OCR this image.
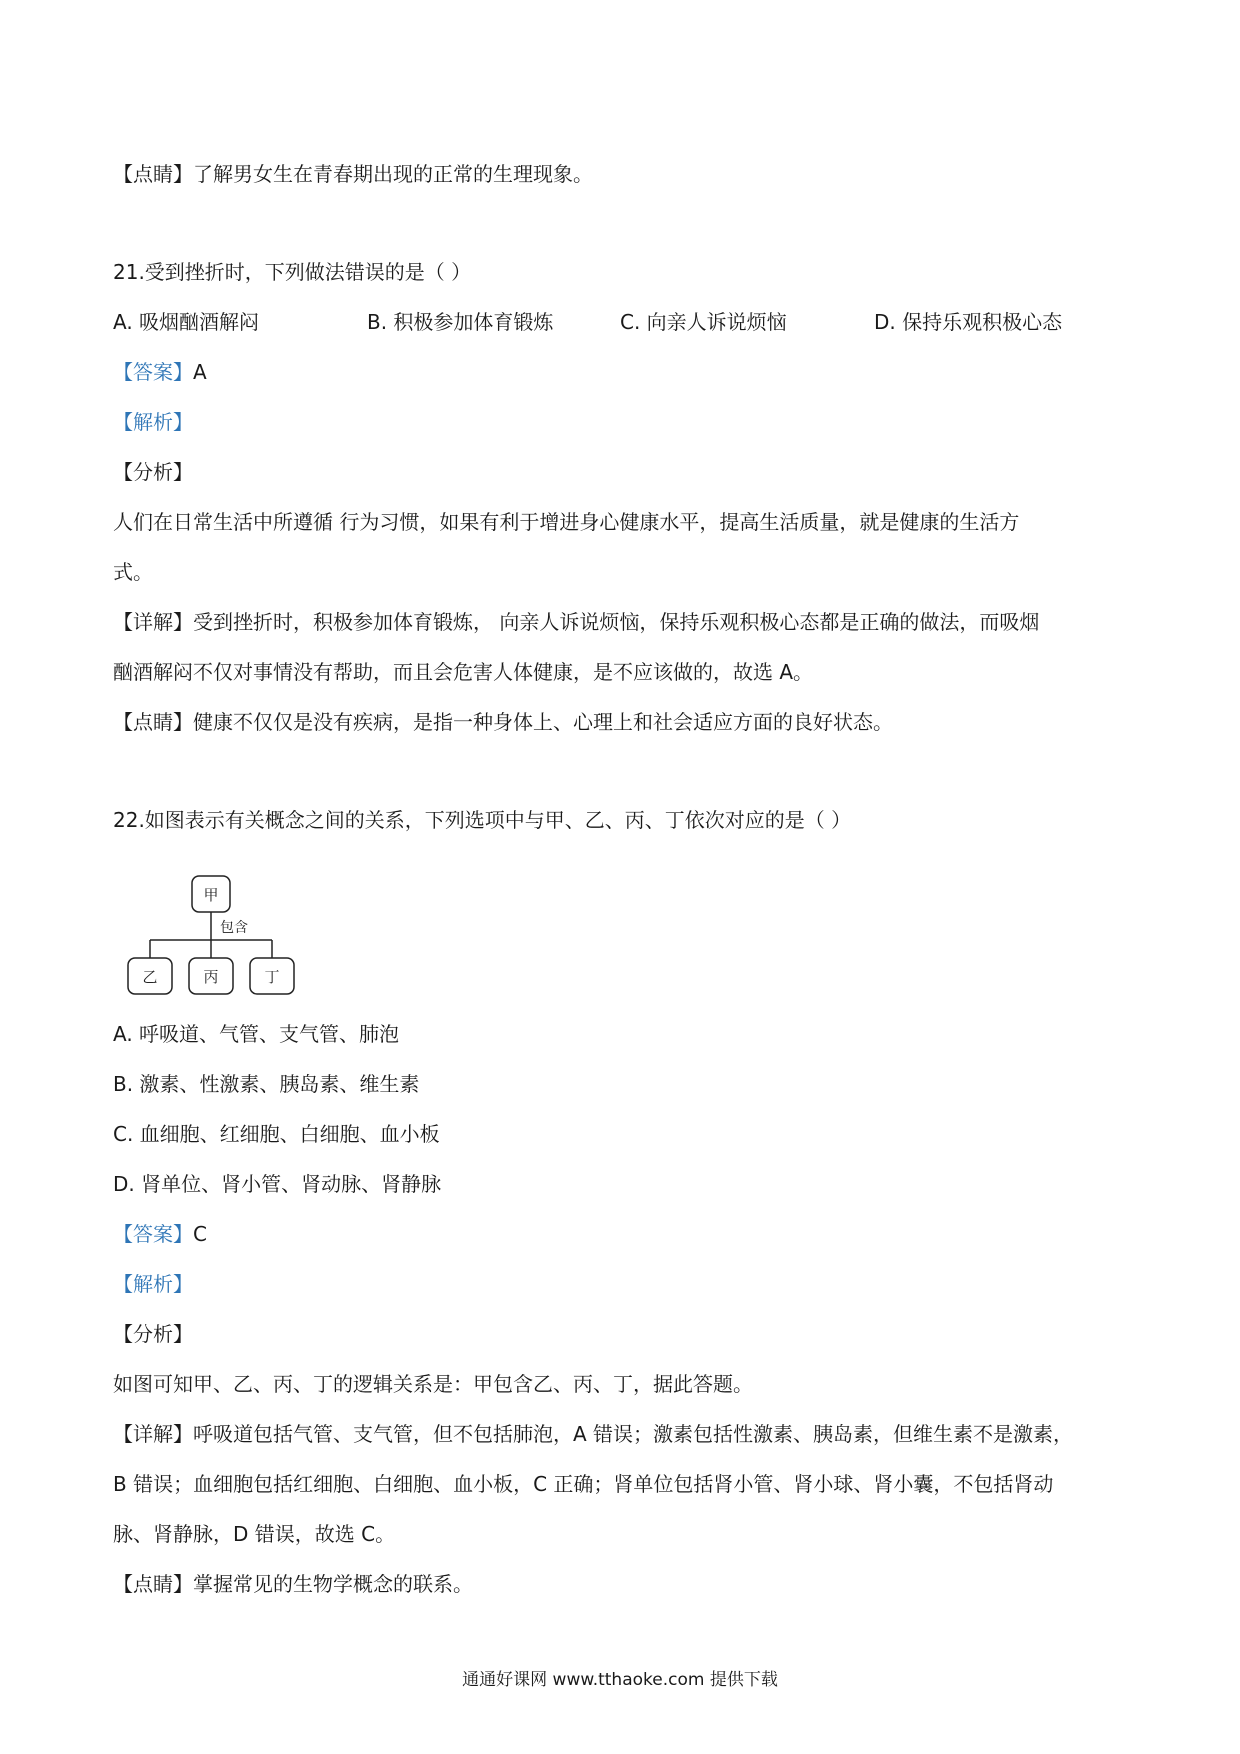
【点睛】了解男女生在青春期出现的正常的生理现象。

21.受到挫折时，下列做法错误的是（ ）

A. 吸烟酗酒解闷	B. 积极参加体育锻炼	C. 向亲人诉说烦恼	D. 保持乐观积极心态

【答案】A

【解析】

【分析】

人们在日常生活中所遵循 行为习惯，如果有利于增进身心健康水平，提高生活质量，就是健康的生活方

式。

【详解】受到挫折时，积极参加体育锻炼， 向亲人诉说烦恼，保持乐观积极心态都是正确的做法，而吸烟

酗酒解闷不仅对事情没有帮助，而且会危害人体健康，是不应该做的，故选 A。

【点睛】健康不仅仅是没有疾病，是指一种身体上、心理上和社会适应方面的良好状态。

22.如图表示有关概念之间的关系，下列选项中与甲、乙、丙、丁依次对应的是（ ）

甲
包含
乙	丙	丁

A. 呼吸道、气管、支气管、肺泡

B. 激素、性激素、胰岛素、维生素

C. 血细胞、红细胞、白细胞、血小板

D. 肾单位、肾小管、肾动脉、肾静脉

【答案】C

【解析】

【分析】

如图可知甲、乙、丙、丁的逻辑关系是：甲包含乙、丙、丁，据此答题。

【详解】呼吸道包括气管、支气管，但不包括肺泡，A 错误；激素包括性激素、胰岛素，但维生素不是激素，

B 错误；血细胞包括红细胞、白细胞、血小板，C 正确；肾单位包括肾小管、肾小球、肾小囊，不包括肾动

脉、肾静脉，D 错误，故选 C。

【点睛】掌握常见的生物学概念的联系。

通通好课网 www.tthaoke.com 提供下载
